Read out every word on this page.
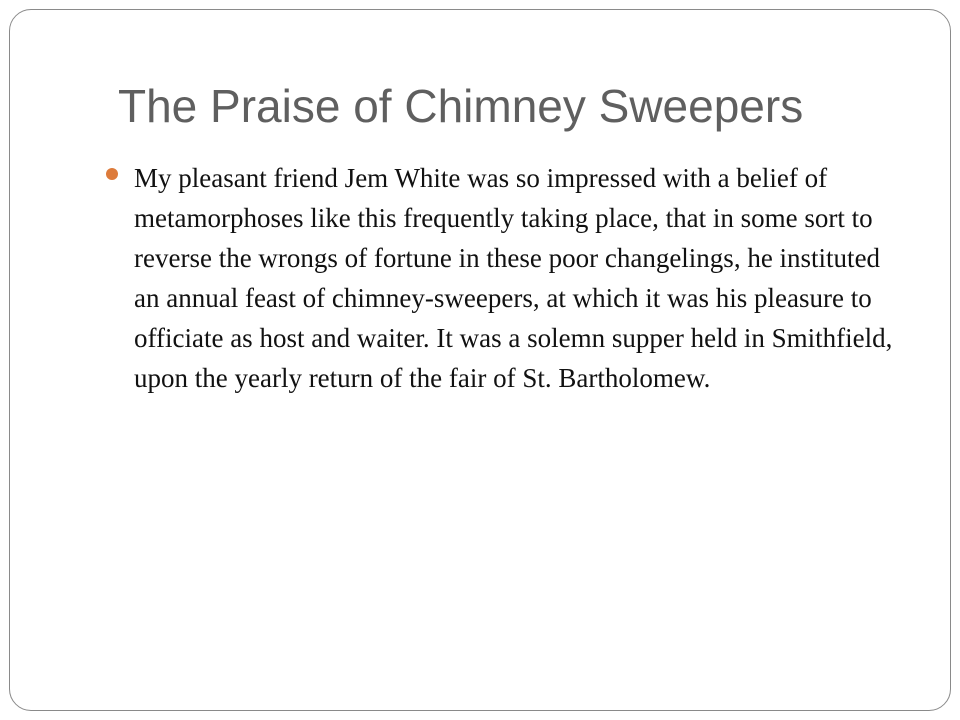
The Praise of Chimney Sweepers
My pleasant friend Jem White was so impressed with a belief of metamorphoses like this frequently taking place, that in some sort to reverse the wrongs of fortune in these poor changelings, he instituted an annual feast of chimney-sweepers, at which it was his pleasure to officiate as host and waiter. It was a solemn supper held in Smithfield, upon the yearly return of the fair of St. Bartholomew.
